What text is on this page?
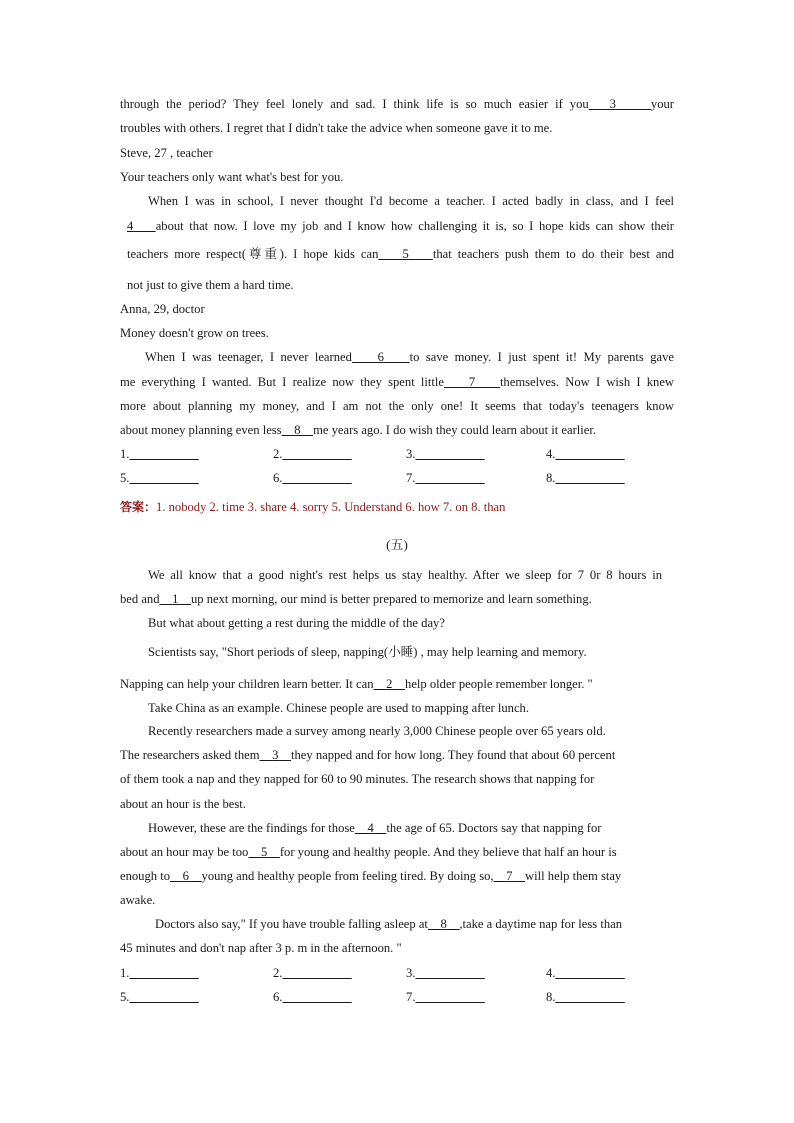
through the period? They feel lonely and sad. I think life is so much easier if you 3	your
troubles with others. I regret that I didn't take the advice when someone gave it to me.
Steve, 27 , teacher
Your teachers only want what's best for you.
When I was in school, I never thought I'd become a teacher. I acted badly in class, and I feel
4 about that now. I love my job and I know how challenging it is, so I hope kids can show their
teachers more respect(尊重). I hope kids can 5 that teachers push them to do their best and
not just to give them a hard time.
Anna, 29, doctor
Money doesn't grow on trees.
When I was teenager, I never learned 6 to save money. I just spent it! My parents gave
me everything I wanted. But I realize now they spent little 7 themselves. Now I wish I knew
more about planning my money, and I am not the only one! It seems that today's teenagers know
about money planning even less 8 me years ago. I do wish they could learn about it earlier.
1.	2.	3.	4.
5.	6.	7.	8.
答案：1. nobody 2. time 3. share 4. sorry 5. Understand 6. how 7. on 8. than
(五)
We all know that a good night's rest helps us stay healthy. After we sleep for 7 0r 8 hours in
bed and 1 up next morning, our mind is better prepared to memorize and learn something.
But what about getting a rest during the middle of the day?
Scientists say, "Short periods of sleep, napping(小睡) , may help learning and memory.
Napping can help your children learn better. It can 2 help older people remember longer. "
Take China as an example. Chinese people are used to mapping after lunch.
Recently researchers made a survey among nearly 3,000 Chinese people over 65 years old.
The researchers asked them 3 they napped and for how long. They found that about 60 percent
of them took a nap and they napped for 60 to 90 minutes. The research shows that napping for
about an hour is the best.
However, these are the findings for those 4 the age of 65. Doctors say that napping for
about an hour may be too 5 for young and healthy people. And they believe that half an hour is
enough to 6 young and healthy people from feeling tired. By doing so, 7 will help them stay
awake.
Doctors also say," If you have trouble falling asleep at 8 ,take a daytime nap for less than
45 minutes and don't nap after 3 p. m in the afternoon. "
1.	2.	3.	4.
5.	6.	7.	8.
